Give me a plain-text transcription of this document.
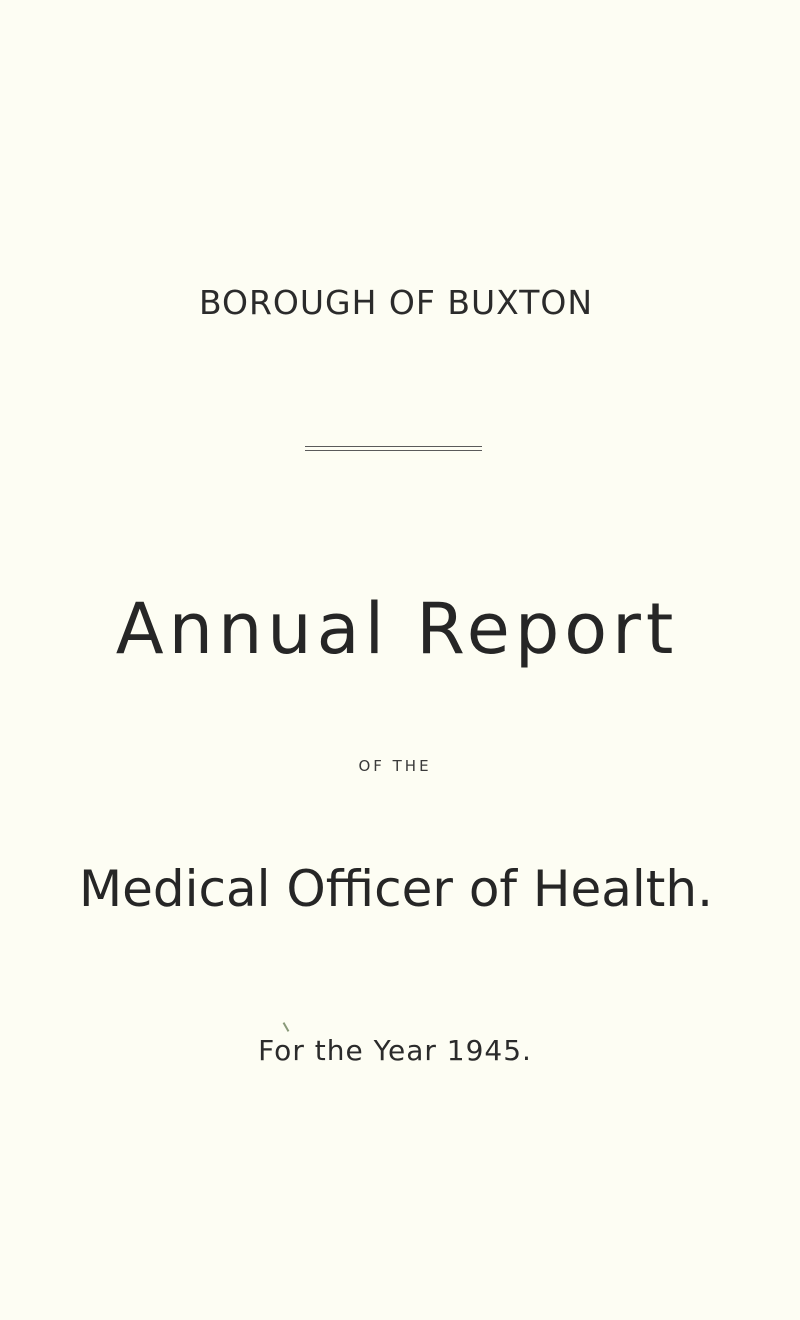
BOROUGH OF BUXTON
Annual Report
OF THE
Medical Officer of Health.
For the Year 1945.
